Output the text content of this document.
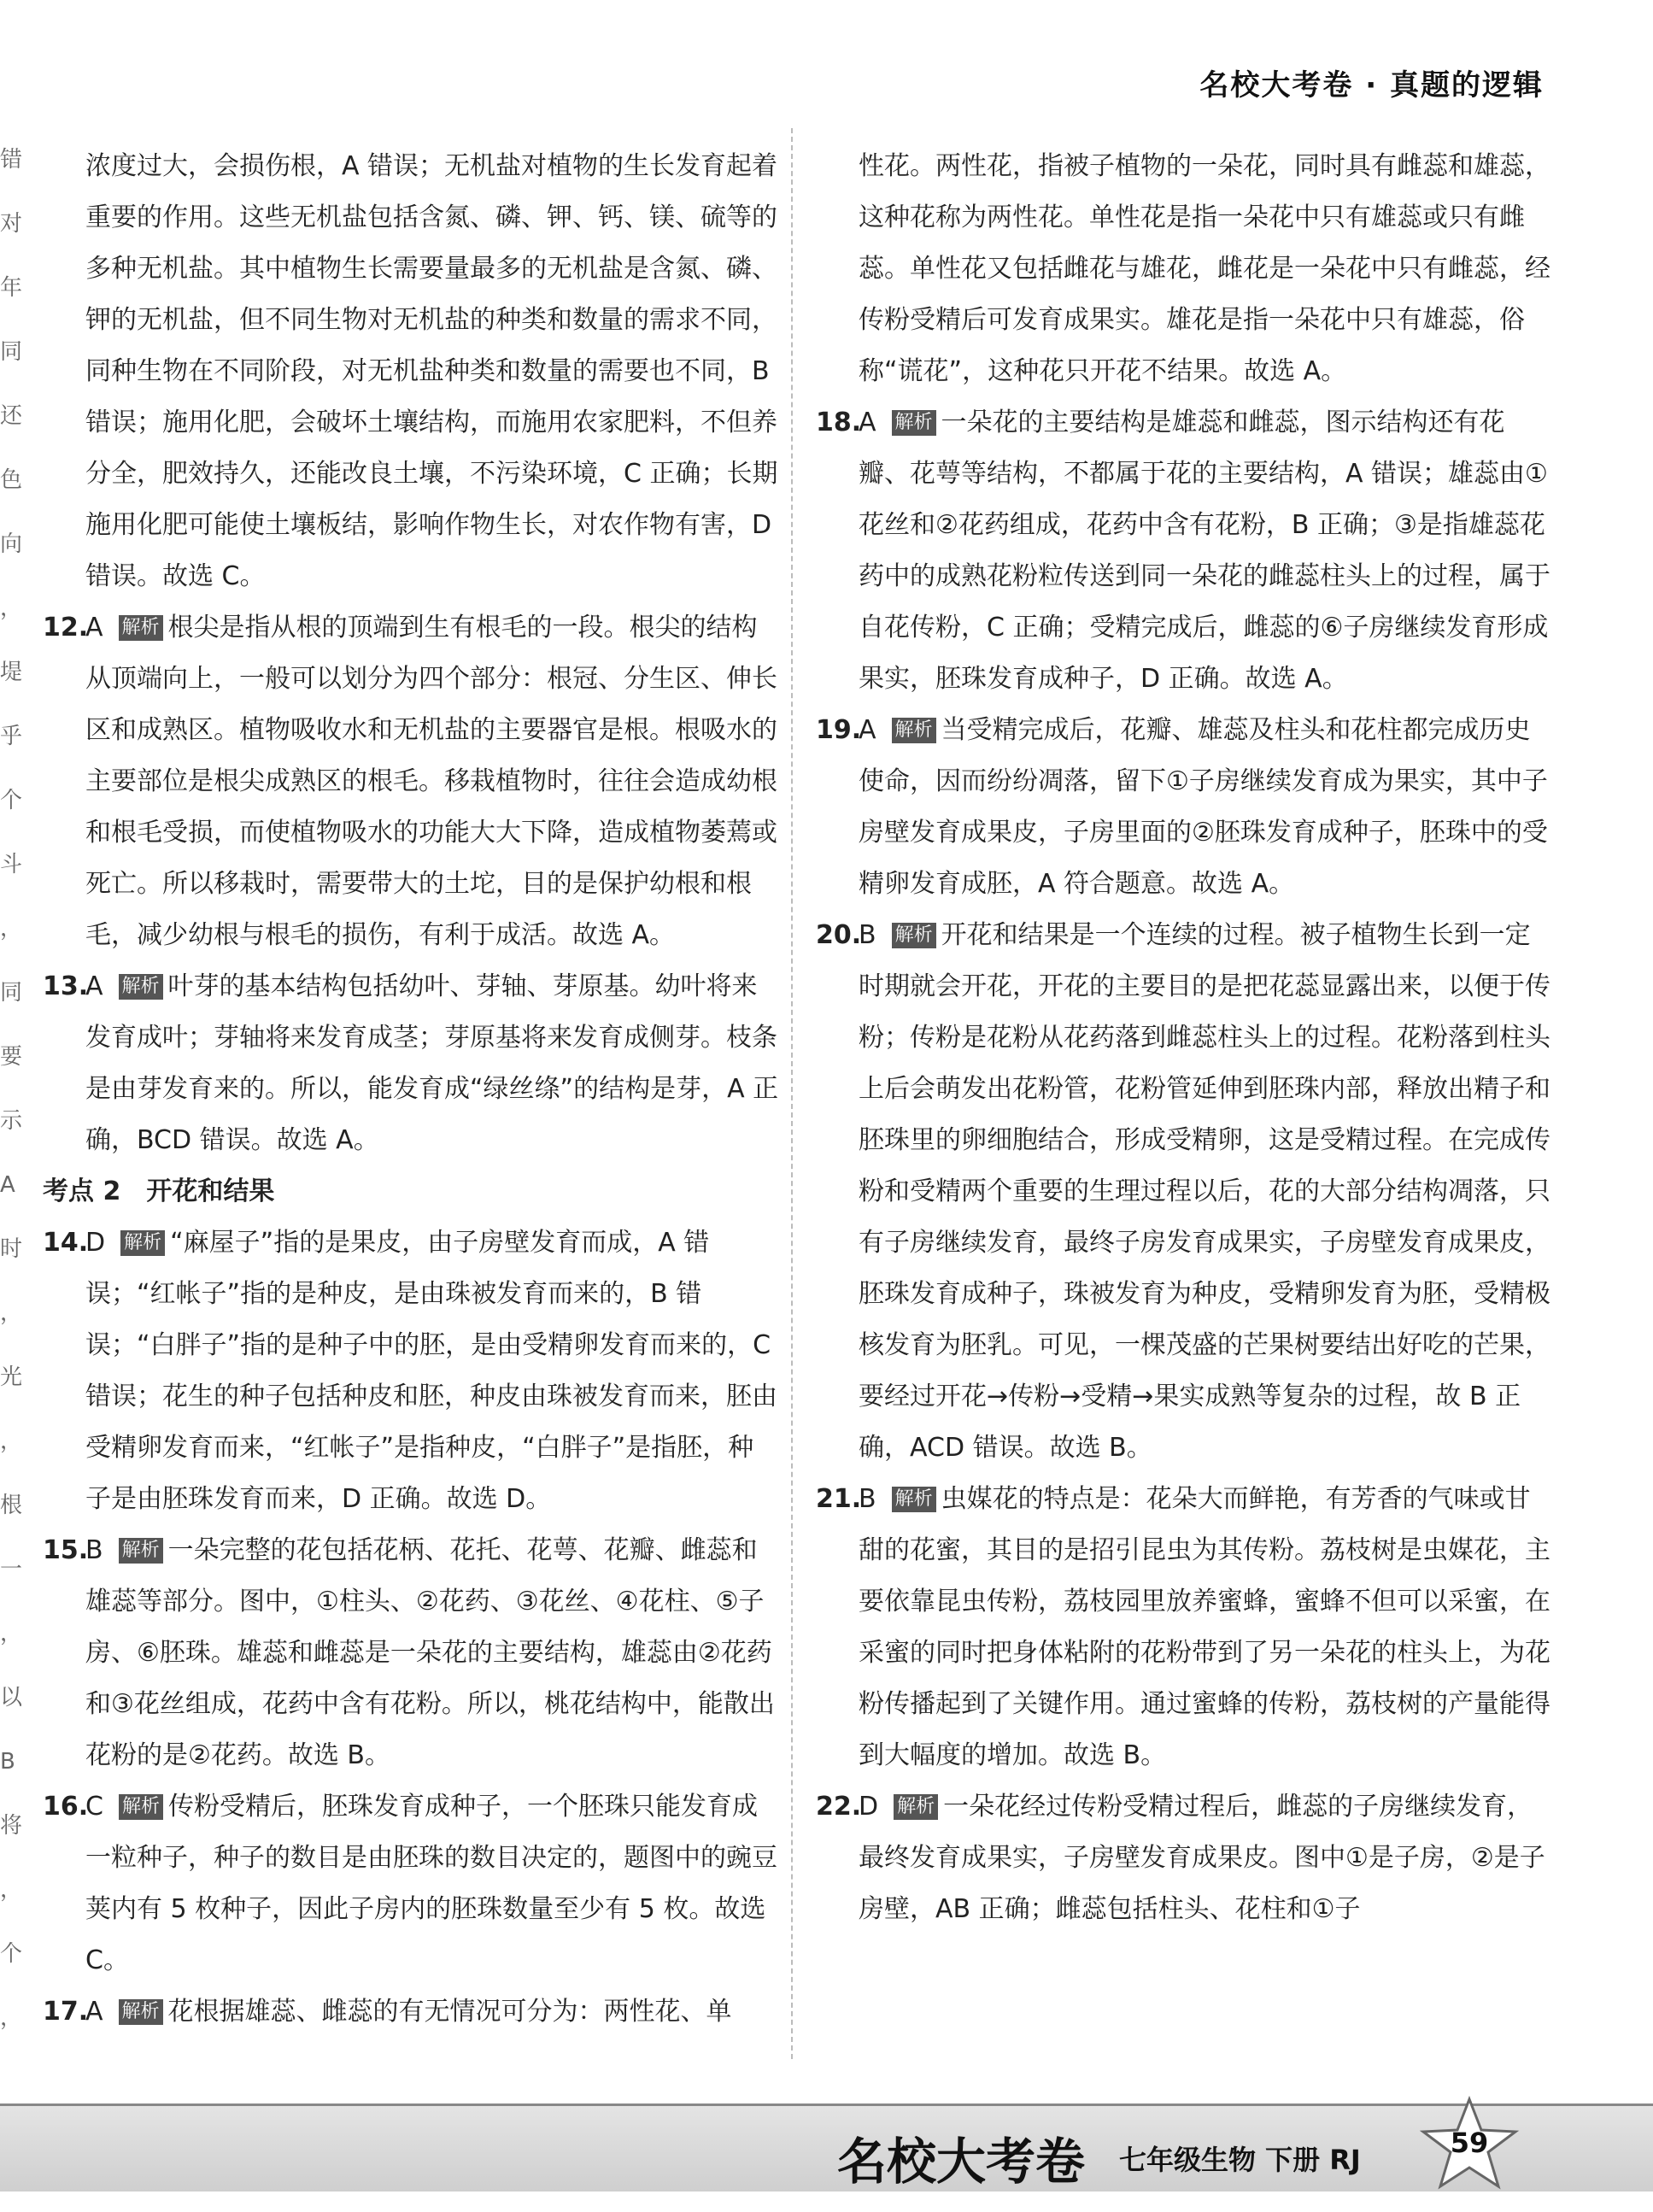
名校大考卷 · 真题的逻辑
错
对
年
同
还
色
向
，
堤
乎
个
斗
，
同
要
示
A
时
，
光
，
根
一
，
以
B
将
，
个
，
浓度过大，会损伤根，A 错误；无机盐对植物的生长发育起着重要的作用。这些无机盐包括含氮、磷、钾、钙、镁、硫等的多种无机盐。其中植物生长需要量最多的无机盐是含氮、磷、钾的无机盐，但不同生物对无机盐的种类和数量的需求不同，同种生物在不同阶段，对无机盐种类和数量的需要也不同，B 错误；施用化肥，会破坏土壤结构，而施用农家肥料，不但养分全，肥效持久，还能改良土壤，不污染环境，C 正确；长期施用化肥可能使土壤板结，影响作物生长，对农作物有害，D 错误。故选 C。
12.
A 解析 根尖是指从根的顶端到生有根毛的一段。根尖的结构从顶端向上，一般可以划分为四个部分：根冠、分生区、伸长区和成熟区。植物吸收水和无机盐的主要器官是根。根吸水的主要部位是根尖成熟区的根毛。移栽植物时，往往会造成幼根和根毛受损，而使植物吸水的功能大大下降，造成植物萎蔫或死亡。所以移栽时，需要带大的土坨，目的是保护幼根和根毛，减少幼根与根毛的损伤，有利于成活。故选 A。
13.
A 解析 叶芽的基本结构包括幼叶、芽轴、芽原基。幼叶将来发育成叶；芽轴将来发育成茎；芽原基将来发育成侧芽。枝条是由芽发育来的。所以，能发育成“绿丝绦”的结构是芽，A 正确，BCD 错误。故选 A。
考点 2　开花和结果
14.
D 解析 “麻屋子”指的是果皮，由子房壁发育而成，A 错误；“红帐子”指的是种皮，是由珠被发育而来的，B 错误；“白胖子”指的是种子中的胚，是由受精卵发育而来的，C 错误；花生的种子包括种皮和胚，种皮由珠被发育而来，胚由受精卵发育而来，“红帐子”是指种皮，“白胖子”是指胚，种子是由胚珠发育而来，D 正确。故选 D。
15.
B 解析 一朵完整的花包括花柄、花托、花萼、花瓣、雌蕊和雄蕊等部分。图中，①柱头、②花药、③花丝、④花柱、⑤子房、⑥胚珠。雄蕊和雌蕊是一朵花的主要结构，雄蕊由②花药和③花丝组成，花药中含有花粉。所以，桃花结构中，能散出花粉的是②花药。故选 B。
16.
C 解析 传粉受精后，胚珠发育成种子，一个胚珠只能发育成一粒种子，种子的数目是由胚珠的数目决定的，题图中的豌豆荚内有 5 枚种子，因此子房内的胚珠数量至少有 5 枚。故选 C。
17.
A 解析 花根据雄蕊、雌蕊的有无情况可分为：两性花、单
性花。两性花，指被子植物的一朵花，同时具有雌蕊和雄蕊，这种花称为两性花。单性花是指一朵花中只有雄蕊或只有雌蕊。单性花又包括雌花与雄花，雌花是一朵花中只有雌蕊，经传粉受精后可发育成果实。雄花是指一朵花中只有雄蕊，俗称“谎花”，这种花只开花不结果。故选 A。
18.
A 解析 一朵花的主要结构是雄蕊和雌蕊，图示结构还有花瓣、花萼等结构，不都属于花的主要结构，A 错误；雄蕊由①花丝和②花药组成，花药中含有花粉，B 正确；③是指雄蕊花药中的成熟花粉粒传送到同一朵花的雌蕊柱头上的过程，属于自花传粉，C 正确；受精完成后，雌蕊的⑥子房继续发育形成果实，胚珠发育成种子，D 正确。故选 A。
19.
A 解析 当受精完成后，花瓣、雄蕊及柱头和花柱都完成历史使命，因而纷纷凋落，留下①子房继续发育成为果实，其中子房壁发育成果皮，子房里面的②胚珠发育成种子，胚珠中的受精卵发育成胚，A 符合题意。故选 A。
20.
B 解析 开花和结果是一个连续的过程。被子植物生长到一定时期就会开花，开花的主要目的是把花蕊显露出来，以便于传粉；传粉是花粉从花药落到雌蕊柱头上的过程。花粉落到柱头上后会萌发出花粉管，花粉管延伸到胚珠内部，释放出精子和胚珠里的卵细胞结合，形成受精卵，这是受精过程。在完成传粉和受精两个重要的生理过程以后，花的大部分结构凋落，只有子房继续发育，最终子房发育成果实，子房壁发育成果皮，胚珠发育成种子，珠被发育为种皮，受精卵发育为胚，受精极核发育为胚乳。可见，一棵茂盛的芒果树要结出好吃的芒果，要经过开花→传粉→受精→果实成熟等复杂的过程，故 B 正确，ACD 错误。故选 B。
21.
B 解析 虫媒花的特点是：花朵大而鲜艳，有芳香的气味或甘甜的花蜜，其目的是招引昆虫为其传粉。荔枝树是虫媒花，主要依靠昆虫传粉，荔枝园里放养蜜蜂，蜜蜂不但可以采蜜，在采蜜的同时把身体粘附的花粉带到了另一朵花的柱头上，为花粉传播起到了关键作用。通过蜜蜂的传粉，荔枝树的产量能得到大幅度的增加。故选 B。
22.
D 解析 一朵花经过传粉受精过程后，雌蕊的子房继续发育，最终发育成果实，子房壁发育成果皮。图中①是子房，②是子房壁，AB 正确；雌蕊包括柱头、花柱和①子
名校大考卷 七年级生物 下册 RJ
59
